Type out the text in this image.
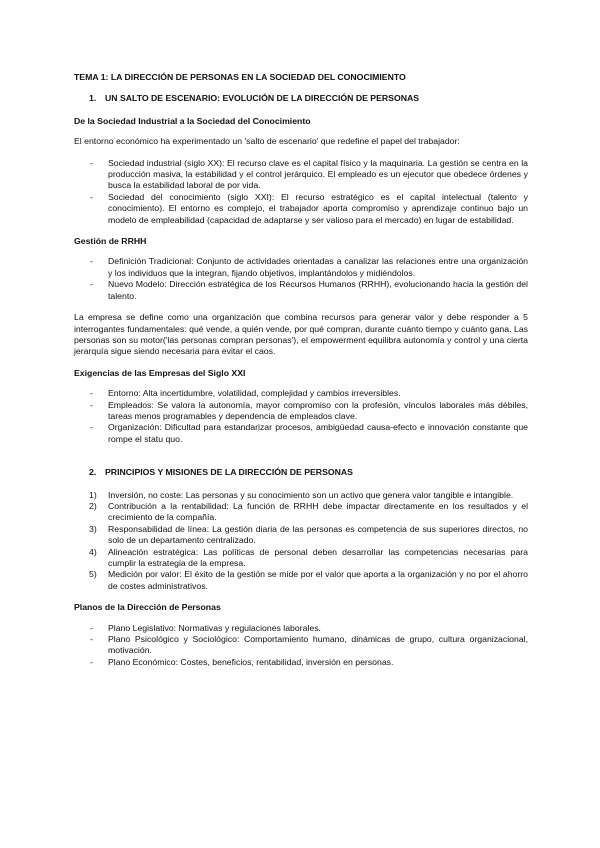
TEMA 1: LA DIRECCIÓN DE PERSONAS EN LA SOCIEDAD DEL CONOCIMIENTO
1.	UN SALTO DE ESCENARIO: EVOLUCIÓN DE LA DIRECCIÓN DE PERSONAS
De la Sociedad Industrial a la Sociedad del Conocimiento

El entorno económico ha experimentado un 'salto de escenario' que redefine el papel del trabajador:

-	Sociedad industrial (siglo XX): El recurso clave es el capital físico y la maquinaria. La gestión se centra en la producción masiva, la estabilidad y el control jerárquico. El empleado es un ejecutor que obedece órdenes y busca la estabilidad laboral de por vida.
-	Sociedad del conocimiento (siglo XXI): El recurso estratégico es el capital intelectual (talento y conocimiento). El entorno es complejo, el trabajador aporta compromiso y aprendizaje continuo bajo un modelo de empleabilidad (capacidad de adaptarse y ser valioso para el mercado) en lugar de estabilidad.
Gestión de RRHH
-	Definición Tradicional: Conjunto de actividades orientadas a canalizar las relaciones entre una organización y los individuos que la integran, fijando objetivos, implantándolos y midiéndolos.
-	Nuevo Modelo: Dirección estratégica de los Recursos Humanos (RRHH), evolucionando hacia la gestión del talento.

La empresa se define como una organización que combina recursos para generar valor y debe responder a 5 interrogantes fundamentales: qué vende, a quién vende, por qué compran, durante cuánto tiempo y cuánto gana. Las personas son su motor('las personas compran personas'), el empowerment equilibra autonomía y control y una cierta jerarquía sigue siendo necesaria para evitar el caos.

Exigencias de las Empresas del Siglo XXI
-	Entorno: Alta incertidumbre, volatilidad, complejidad y cambios irreversibles.
-	Empleados: Se valora la autonomía, mayor compromiso con la profesión, vínculos laborales más débiles, tareas menos programables y dependencia de empleados clave.
-	Organización: Dificultad para estandarizar procesos, ambigüedad causa-efecto e innovación constante que rompe el statu quo.
2.	PRINCIPIOS Y MISIONES DE LA DIRECCIÓN DE PERSONAS
1)	Inversión, no coste: Las personas y su conocimiento son un activo que genera valor tangible e intangible.
2)	Contribución a la rentabilidad: La función de RRHH debe impactar directamente en los resultados y el crecimiento de la compañía.
3)	Responsabilidad de línea: La gestión diaria de las personas es competencia de sus superiores directos, no solo de un departamento centralizado.
4)	Alineación estratégica: Las políticas de personal deben desarrollar las competencias necesarias para cumplir la estrategia de la empresa.
5)	Medición por valor: El éxito de la gestión se mide por el valor que aporta a la organización y no por el ahorro de costes administrativos.
Planos de la Dirección de Personas
-	Plano Legislativo: Normativas y regulaciones laborales.
-	Plano Psicológico y Sociológico: Comportamiento humano, dinámicas de grupo, cultura organizacional, motivación.
-	Plano Económico: Costes, beneficios, rentabilidad, inversión en personas.
